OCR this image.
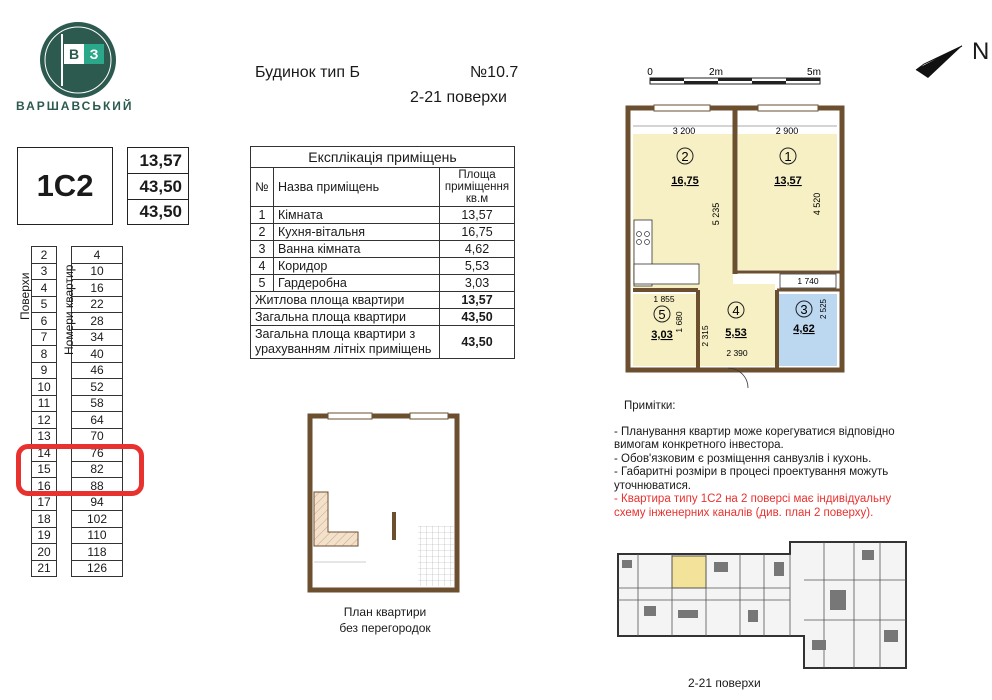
В З
ВАРШАВСЬКИЙ
1С2
13,57
43,50
43,50
	2		4
	3		10
	4		16
	5		22
	6		28
	7		34
	8		40
	9		46
	10		52
	11		58
	12		64
	13		70
	14		76
	15		82
	16		88
	17		94
	18		102
	19		110
	20		118
	21		126
Поверхи	Номери квартир
Будинок тип Б	№10.7
2-21 поверхи
Експлікація приміщень		
№	Назва приміщень	Площа приміщення кв.м
1	Кімната	13,57
2	Кухня-вітальня	16,75
3	Ванна кімната	4,62
4	Коридор	5,53
5	Гардеробна	3,03
Житлова площа квартири		13,57
Загальна площа квартири		43,50
Загальна площа квартири з урахуванням літніх приміщень		43,50
0	2m	5m
N
3 200	2 900
1 740
5 235	4 520
1 855
1 680
2 315
2 390
2 525
2
16,75
1
13,57
3
4,62
4
5,53
5
3,03
План квартири
без перегородок

Примітки:

- Планування квартир може корегуватися відповідно вимогам конкретного інвестора.

- Обов'язковим є розміщення санвузлів і кухонь.

- Габаритні розміри в процесі проектування можуть уточнюватися.

- Квартира типу 1С2 на 2 поверсі має індивідуальну схему інженерних каналів (див. план 2 поверху).

2-21 поверхи
